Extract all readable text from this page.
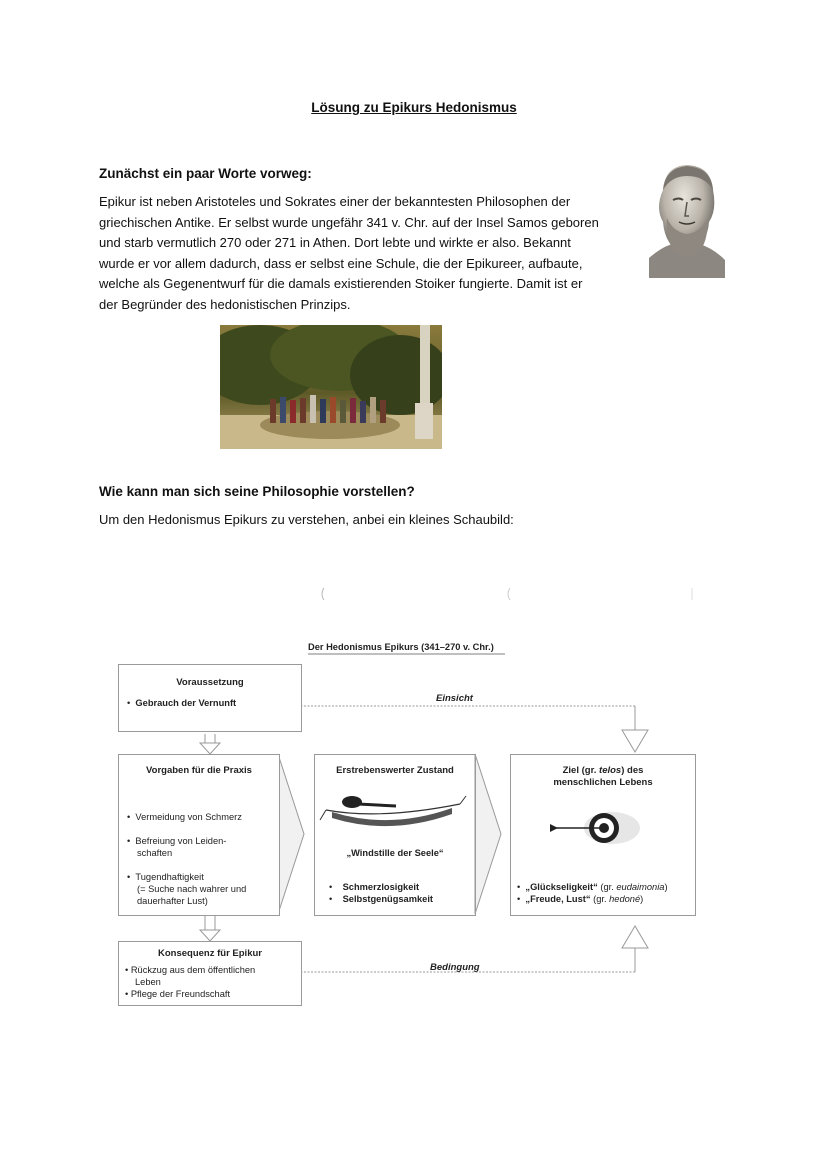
Lösung zu Epikurs Hedonismus
Zunächst ein paar Worte vorweg:
Epikur ist neben Aristoteles und Sokrates einer der bekanntesten Philosophen der
griechischen Antike. Er selbst wurde ungefähr 341 v. Chr. auf der Insel Samos geboren
und starb vermutlich 270 oder 271 in Athen. Dort lebte und wirkte er also. Bekannt
wurde er vor allem dadurch, dass er selbst eine Schule, die der Epikureer, aufbaute,
welche als Gegenentwurf für die damals existierenden Stoiker fungierte. Damit ist er
der Begründer des hedonistischen Prinzips.
Wie kann man sich seine Philosophie vorstellen?
Um den Hedonismus Epikurs zu verstehen, anbei ein kleines Schaubild:
Der Hedonismus Epikurs (341–270 v. Chr.)
Voraussetzung
•  Gebrauch der Vernunft	Einsicht
Vorgaben für die Praxis
•  Vermeidung von Schmerz
•  Befreiung von Leiden-
schaften
•  Tugendhaftigkeit
(= Suche nach wahrer und
dauerhafter Lust)
Erstrebenswerter Zustand
„Windstille der Seele“
•    Schmerzlosigkeit
•    Selbstgenügsamkeit
Ziel (gr. telos) des
menschlichen Lebens
•  „Glückseligkeit“ (gr. eudaimonia)
•  „Freude, Lust“ (gr. hedoné)
Konsequenz für Epikur
• Rückzug aus dem öffentlichen
Leben
• Pflege der Freundschaft
Bedingung
